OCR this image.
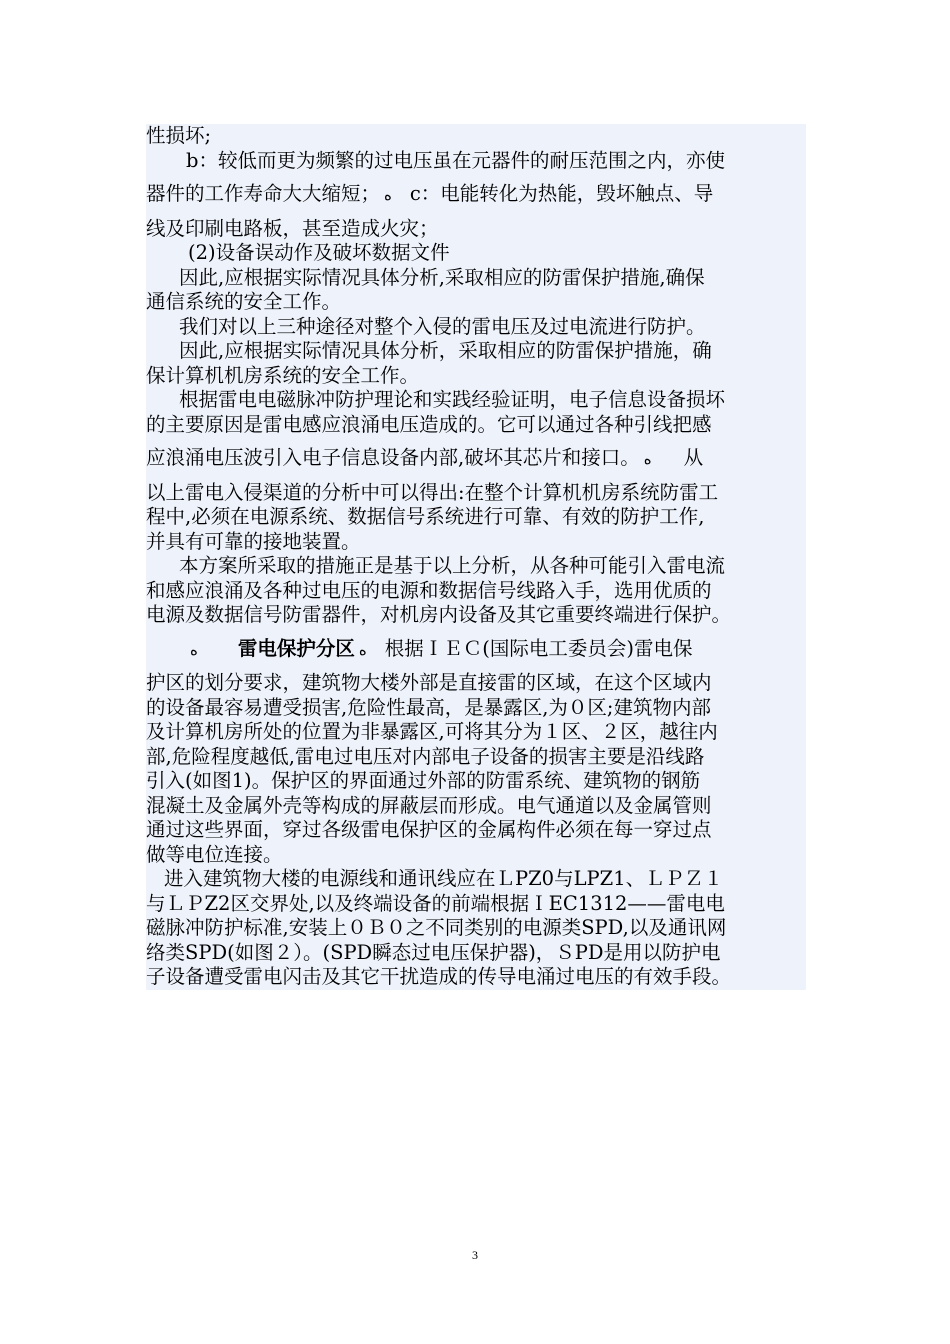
性损坏;
b：较低而更为频繁的过电压虽在元器件的耐压范围之内，亦使
器件的工作寿命大大缩短； ﻩ c：电能转化为热能，毁坏触点、导
线及印刷电路板，甚至造成火灾；
(2)设备误动作及破坏数据文件
因此,应根据实际情况具体分析,采取相应的防雷保护措施,确保
通信系统的安全工作。
我们对以上三种途径对整个入侵的雷电压及过电流进行防护。
因此,应根据实际情况具体分析，采取相应的防雷保护措施，确
保计算机机房系统的安全工作。
根据雷电电磁脉冲防护理论和实践经验证明，电子信息设备损坏
的主要原因是雷电感应浪涌电压造成的。它可以通过各种引线把感
应浪涌电压波引入电子信息设备内部,破坏其芯片和接口。 ﻩ 从
以上雷电入侵渠道的分析中可以得出:在整个计算机机房系统防雷工
程中,必须在电源系统、数据信号系统进行可靠、有效的防护工作,
并具有可靠的接地装置。
本方案所采取的措施正是基于以上分析，从各种可能引入雷电流
和感应浪涌及各种过电压的电源和数据信号线路入手，选用优质的
电源及数据信号防雷器件，对机房内设备及其它重要终端进行保护。
ﻩ 雷电保护分区 ﻩ 根据ＩＥＣ(国际电工委员会)雷电保
护区的划分要求，建筑物大楼外部是直接雷的区域，在这个区域内
的设备最容易遭受损害,危险性最高，是暴露区,为０区;建筑物内部
及计算机房所处的位置为非暴露区,可将其分为１区、２区，越往内
部,危险程度越低,雷电过电压对内部电子设备的损害主要是沿线路
引入(如图1)。保护区的界面通过外部的防雷系统、建筑物的钢筋
混凝土及金属外壳等构成的屏蔽层而形成。电气通道以及金属管则
通过这些界面，穿过各级雷电保护区的金属构件必须在每一穿过点
做等电位连接。
进入建筑物大楼的电源线和通讯线应在ＬPZ0与LPZ1、ＬＰＺ１
与ＬＰZ2区交界处,以及终端设备的前端根据ＩEC1312——雷电电
磁脉冲防护标准,安装上０Ｂ０之不同类别的电源类SPD,以及通讯网
络类SPD(如图２）。(SPD瞬态过电压保护器)，ＳPD是用以防护电
子设备遭受雷电闪击及其它干扰造成的传导电涌过电压的有效手段。
3
